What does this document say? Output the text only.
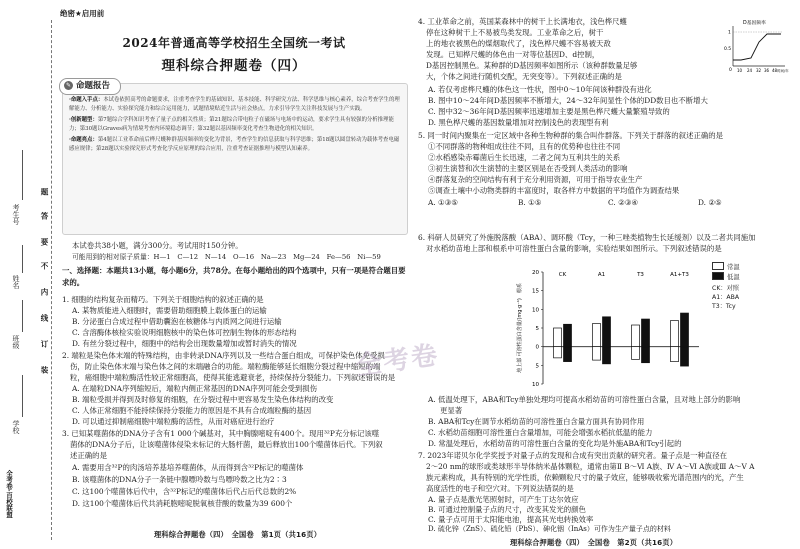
题
答
要
不
内
线
订
装
考生号
姓名
班级
学校
全考卷·百校联盟
绝密★启用前
2024年普通高等学校招生全国统一考试
理科综合押题卷（四）
✎ 命题报告

·命题入手点：本试卷依照高考的命题要求，注重考查学生的基础知识、基本技能、科学研究方法、科学思维与核心素养，综合考查学生的理解能力、分析能力、实验探究能力和综合运用能力，试题情境贴近生活与社会热点，力求引导学生关注科技发展与生产实践。

·创新题型：第7题综合学科知识考查了量子点的相关性质；第21题综合带电粒子在磁场与电场中的运动，要求学生具有较强的分析推理能力；第30题以Graves病为情境考查内环境稳态调节；第32题以基因频率变化考查生物进化的相关知识。

·命题亮点：第4题以工业革命前后桦尺蠖种群基因频率的变化为背景，考查学生的信息获取与科学思维；第18题以圆盘转动为载体考查电磁感应规律；第28题以实验探究形式考查化学反应原理的综合应用，注重考查证据推理与模型认知素养。

本试卷共38小题，满分300分。考试用时150分钟。
可能用到的相对原子质量：H—1　C—12　N—14　O—16　Na—23　Mg—24　Fe—56　Ni—59
一、选择题：本题共13小题，每小题6分，共78分。在每小题给出的四个选项中，只有一项是符合题目要求的。
1. 细胞的结构复杂而精巧。下列关于细胞结构的叙述正确的是
A. 某物质能进入细胞时，需要借助细胞膜上载体蛋白的运输
B. 分泌蛋白合成过程中借助囊泡在核糖体与内质网之间进行运输
C. 含溶酶体核检实验说明细胞核中的染色体可控制生物体的形态结构
D. 有丝分裂过程中，细胞中的结构会出现数量增加或暂时消失的情况
2. 端粒是染色体末端的特殊结构，由非转录DNA序列以及一些结合蛋白组成，可保护染色体免受损
伤，防止染色体末端与染色体之间的末端融合的功能。端粒酶能够延长细胞分裂过程中缩短的端
粒，癌细胞中端粒酶活性较正常细胞高，使得其能逃避衰老，持续保持分裂能力。下列叙述错误的是
A. 在端粒DNA序列缩短后，端粒内侧正常基因的DNA序列可能会受到损伤
B. 端粒受损并得到及时修复的细胞，在分裂过程中更容易发生染色体结构的改变
C. 人体正常细胞不能持续保持分裂能力的原因是不具有合成端粒酶的基因
D. 可以通过抑制癌细胞中端粒酶的活性，从而对癌症进行治疗
3. 已知某噬菌体的DNA分子含有1 000个碱基对，其中胸腺嘧啶有400个。现用³²P充分标记该噬
菌体的DNA分子后，让该噬菌体侵染未标记的大肠杆菌，最后释放出100个噬菌体后代。下列叙
述正确的是
A. 需要用含³²P的肉汤培养基培养噬菌体，从而得到含³²P标记的噬菌体
B. 该噬菌体的DNA分子一条链中腺嘌呤数与鸟嘌呤数之比为2∶3
C. 这100个噬菌体后代中，含³²P标记的噬菌体后代占后代总数的2%
D. 这100个噬菌体后代共消耗胞嘧啶脱氧核苷酸的数量为39 600个
理科综合押题卷（四）　全国卷　第1页（共16页）
4. 工业革命之前，英国某森林中的树干上长满地衣，浅色桦尺蠖
停在这种树干上不易被鸟类发现。工业革命之后，树干
上的地衣被黑色的煤烟取代了，浅色桦尺蠖不容易被天敌
发现。已知桦尺蠖的体色由一对等位基因D、d控制，
D基因控制黑色。某种群的D基因频率如图所示（该种群数量足够
大，个体之间进行随机交配，无突变等）。下列叙述正确的是
D基因频率
1
0.5
0 10 24 32 36 48 时间/年
A. 若仅考虑桦尺蠖的体色这一性状，图中0～10年间该种群没有进化
B. 图中10～24年间D基因频率不断增大，24～32年间显性个体的DD数目也不断增大
C. 图中32～36年间D基因频率迅速增加主要是黑色桦尺蠖大量繁殖导致的
D. 黑色桦尺蠖的基因数量增加对控制浅色的表现型有利
5. 同一时间内聚集在一定区域中各种生物种群的集合叫作群落。下列关于群落的叙述正确的是
①不同群落的物种组成往往不同，且有的优势种也往往不同
②水稻感染赤霉菌后生长迅速，二者之间为互利共生的关系
③初生演替和次生演替的主要区别是在否受到人类活动的影响
④群落复杂的空间结构有利于充分利用资源，可用于指导农业生产
⑤调查土壤中小动物类群的丰富度时，取各样方中数据的平均值作为调查结果
A. ①③⑤	B. ①⑤	C. ②③④	D. ②⑤
6. 科研人员研究了外施脱落酸（ABA）、调环酸（Tcy，一种三唑类植物生长延缓剂）以及二者共同施加
对水稻幼苗地上部和根系中可溶性蛋白含量的影响，实验结果如图所示。下列叙述错误的是
20
15
10
5
0
5
10
地上部 可溶性蛋白含量/(mg·g⁻¹)　根系
CK	A1	T3	A1+T3
常温
低温
CK：对照
A1：ABA
T3：Tcy
A. 低温处理下，ABA和Tcy单独处理均可提高水稻幼苗的可溶性蛋白含量，且对地上部分的影响
更显著
B. ABA和Tcy在调节水稻幼苗的可溶性蛋白含量方面具有协同作用
C. 水稻幼苗细胞可溶性蛋白含量增加，可能会增强水稻抗低温的能力
D. 常温处理后，水稻幼苗的可溶性蛋白含量的变化均是外施ABA和Tcy引起的
7. 2023年诺贝尔化学奖授予对量子点的发现和合成有突出贡献的研究者。量子点是一种直径在
2～20 nm的球形或类球形半导体纳米晶体颗粒，通常由第Ⅱ B～Ⅵ A族、Ⅳ A～Ⅵ A族或Ⅲ A～Ⅴ A
族元素构成，具有特别的光学性质，依赖颗粒尺寸的量子效应，能够吸收紫光谱范围内的光，产生
高度活性的电子和空穴对。下列说法错误的是
A. 量子点是激光笔照射时，可产生丁达尔效应
B. 可通过控制量子点的尺寸，改变其发光的颜色
C. 量子点可用于太阳能电池，提高其光电转换效率
D. 硫化锌（ZnS）、硫化铅（PbS）、砷化铟（InAs）可作为生产量子点的材料
理科综合押题卷（四）　全国卷　第2页（共16页）
全考卷
